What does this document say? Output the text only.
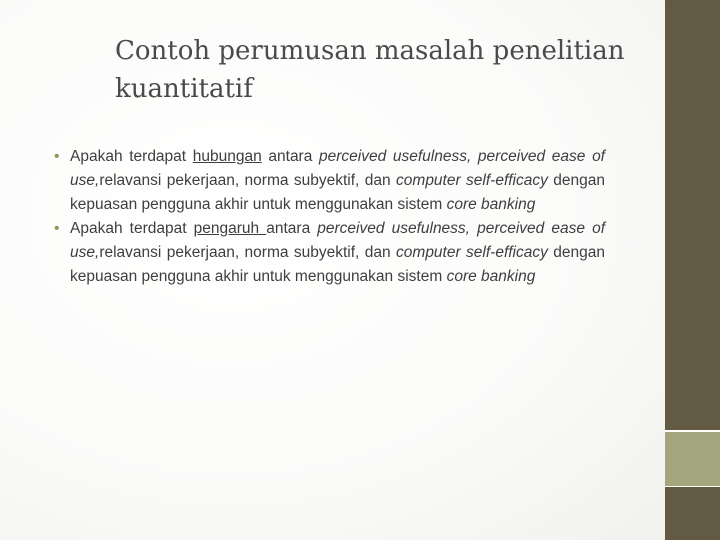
Contoh perumusan masalah penelitian kuantitatif
• Apakah terdapat hubungan antara perceived usefulness, perceived ease of use,relavansi pekerjaan, norma subyektif, dan computer self-efficacy dengan kepuasan pengguna akhir untuk menggunakan sistem core banking
• Apakah terdapat pengaruh antara perceived usefulness, perceived ease of use,relavansi pekerjaan, norma subyektif, dan computer self-efficacy dengan kepuasan pengguna akhir untuk menggunakan sistem core banking
